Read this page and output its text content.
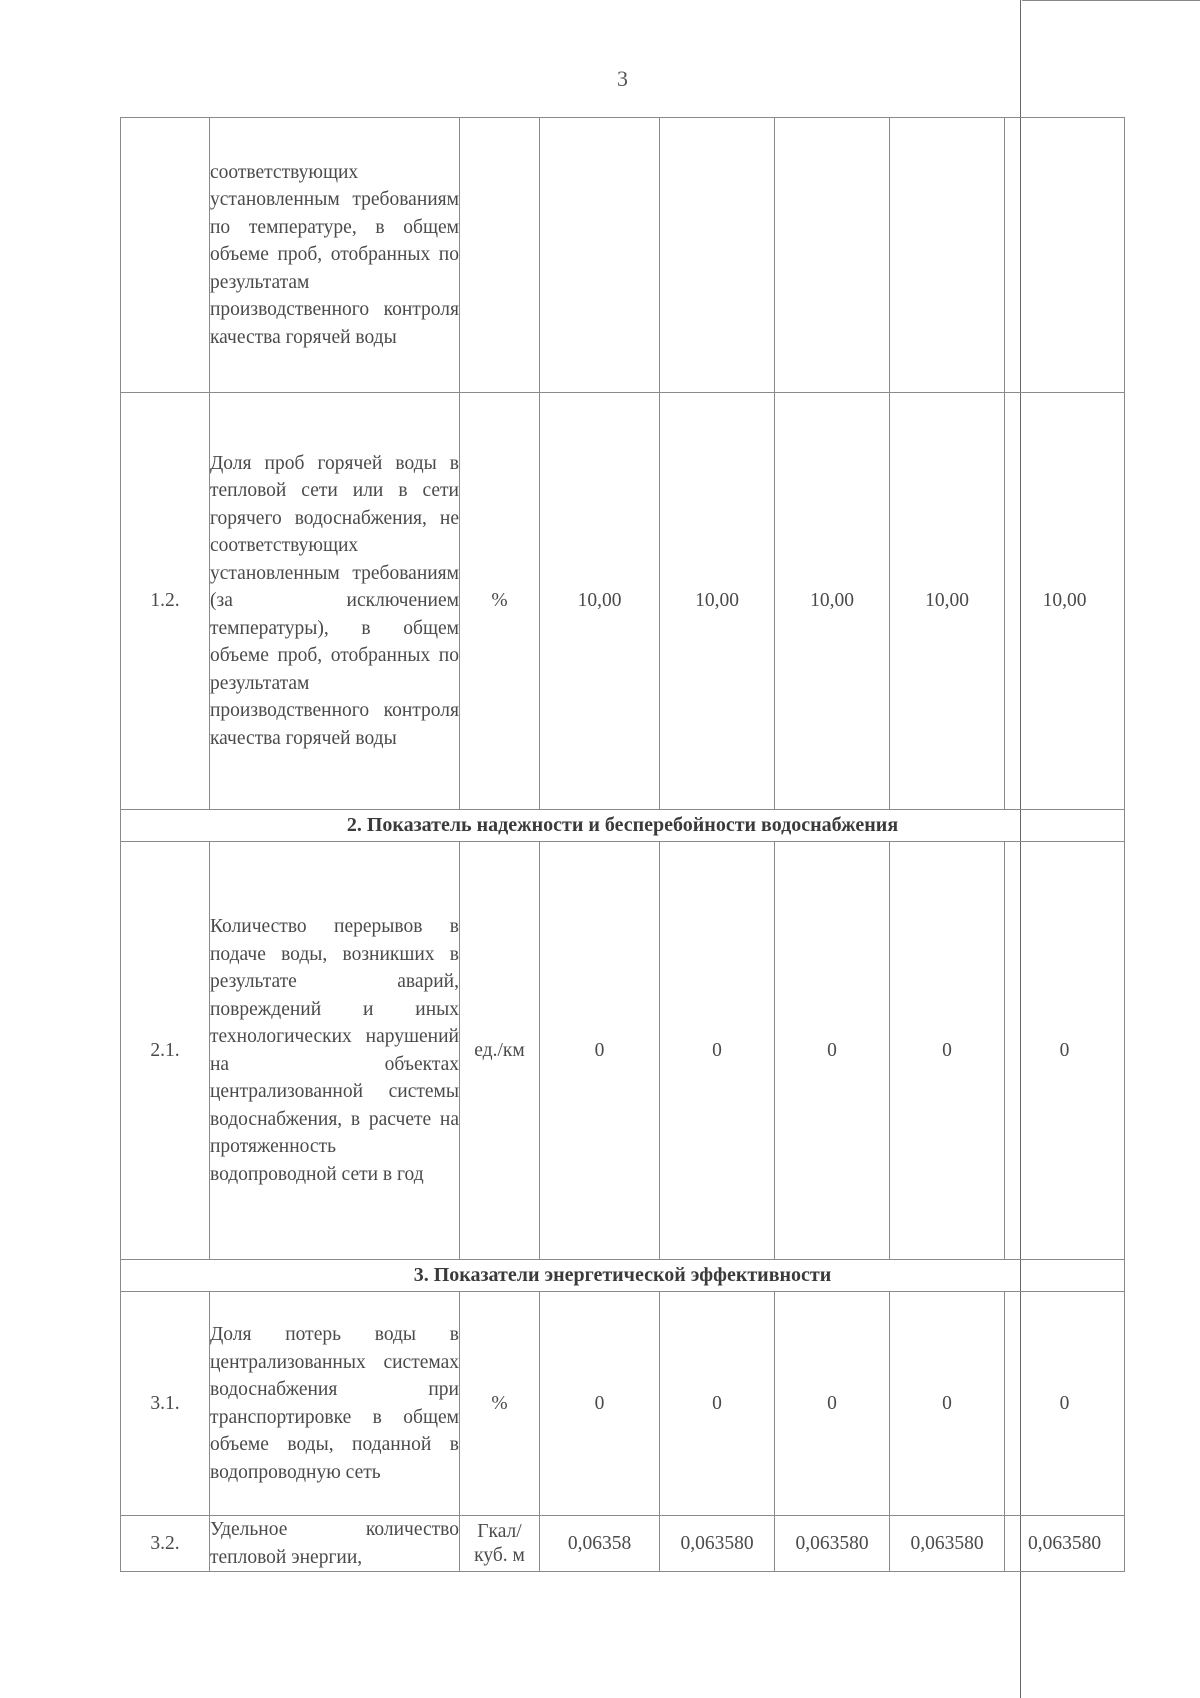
3

	соответствующих установленным требованиям по температуре, в общем объеме проб, отобранных по результатам производственного контроля качества горячей воды						

1.2.	Доля проб горячей воды в тепловой сети или в сети горячего водоснабжения, не соответствующих установленным требованиям (за исключением температуры), в общем объеме проб, отобранных по результатам производственного контроля качества горячей воды	%	10,00	10,00	10,00	10,00	10,00
2. Показатель надежности и бесперебойности водоснабжения							
2.1.	Количество перерывов в подаче воды, возникших в результате аварий, повреждений и иных технологических нарушений на объектах централизованной системы водоснабжения, в расчете на протяженность водопроводной сети в год	ед./км	0	0	0	0	0
3. Показатели энергетической эффективности							
3.1.	Доля потерь воды в централизованных системах водоснабжения при транспортировке в общем объеме воды, поданной в водопроводную сеть	%	0	0	0	0	0
3.2.	Удельное количество тепловой энергии,	Гкал/ куб. м	0,06358	0,063580	0,063580	0,063580	0,063580
